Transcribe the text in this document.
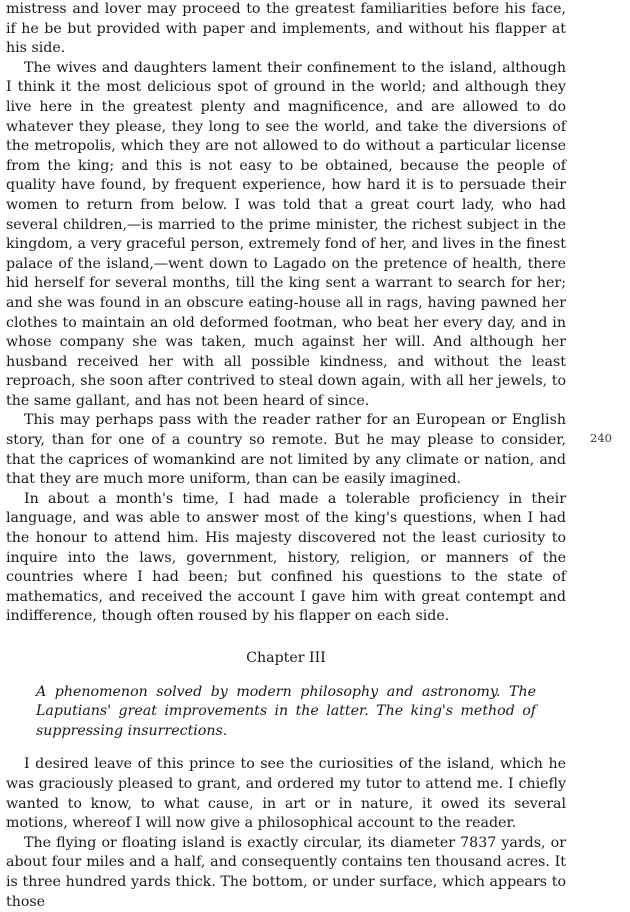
mistress and lover may proceed to the greatest familiarities before his face, if he be but provided with paper and implements, and without his flapper at his side.

The wives and daughters lament their confinement to the island, although I think it the most delicious spot of ground in the world; and although they live here in the greatest plenty and magnificence, and are allowed to do whatever they please, they long to see the world, and take the diversions of the metropolis, which they are not allowed to do without a particular license from the king; and this is not easy to be obtained, because the people of quality have found, by frequent experience, how hard it is to persuade their women to return from below. I was told that a great court lady, who had several children,—is married to the prime minister, the richest subject in the kingdom, a very graceful person, extremely fond of her, and lives in the finest palace of the island,—went down to Lagado on the pretence of health, there hid herself for several months, till the king sent a warrant to search for her; and she was found in an obscure eating-house all in rags, having pawned her clothes to maintain an old deformed footman, who beat her every day, and in whose company she was taken, much against her will. And although her husband received her with all possible kindness, and without the least reproach, she soon after contrived to steal down again, with all her jewels, to the same gallant, and has not been heard of since.

This may perhaps pass with the reader rather for an European or English story, than for one of a country so remote. But he may please to consider, that the caprices of womankind are not limited by any climate or nation, and that they are much more uniform, than can be easily imagined.

In about a month's time, I had made a tolerable proficiency in their language, and was able to answer most of the king's questions, when I had the honour to attend him. His majesty discovered not the least curiosity to inquire into the laws, government, history, religion, or manners of the countries where I had been; but confined his questions to the state of mathematics, and received the account I gave him with great contempt and indifference, though often roused by his flapper on each side.

Chapter III

A phenomenon solved by modern philosophy and astronomy. The Laputians' great improvements in the latter. The king's method of suppressing insurrections.

I desired leave of this prince to see the curiosities of the island, which he was graciously pleased to grant, and ordered my tutor to attend me. I chiefly wanted to know, to what cause, in art or in nature, it owed its several motions, whereof I will now give a philosophical account to the reader.

The flying or floating island is exactly circular, its diameter 7837 yards, or about four miles and a half, and consequently contains ten thousand acres. It is three hundred yards thick. The bottom, or under surface, which appears to those

240
